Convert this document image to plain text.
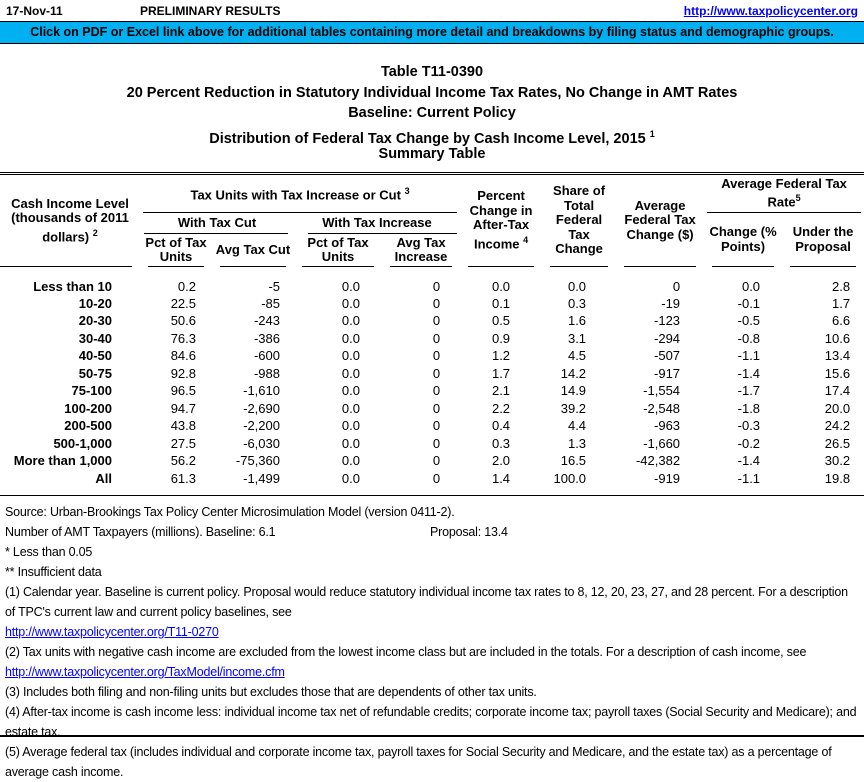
17-Nov-11	PRELIMINARY RESULTS	http://www.taxpolicycenter.org
Click on PDF or Excel link above for additional tables containing more detail and breakdowns by filing status and demographic groups.
Table T11-0390
20 Percent Reduction in Statutory Individual Income Tax Rates, No Change in AMT Rates
Baseline: Current Policy
Distribution of Federal Tax Change by Cash Income Level, 2015 $^1$
Summary Table
Cash Income Level (thousands of 2011 dollars) $^2$	Tax Units with Tax Increase or Cut $^3$				Percent Change in After-Tax Income $^4$	Share of Total Federal Tax Change	Average Federal Tax Change ($)	Average Federal Tax Rate$^5$
	With Tax Cut		With Tax Increase					Change (% Points)	Under the Proposal
	Pct of Tax Units	Avg Tax Cut	Pct of Tax Units	Avg Tax Increase					
Less than 10	0.2	-5	0.0	0	0.0	0.0	0	0.0	2.8
10-20	22.5	-85	0.0	0	0.1	0.3	-19	-0.1	1.7
20-30	50.6	-243	0.0	0	0.5	1.6	-123	-0.5	6.6
30-40	76.3	-386	0.0	0	0.9	3.1	-294	-0.8	10.6
40-50	84.6	-600	0.0	0	1.2	4.5	-507	-1.1	13.4
50-75	92.8	-988	0.0	0	1.7	14.2	-917	-1.4	15.6
75-100	96.5	-1,610	0.0	0	2.1	14.9	-1,554	-1.7	17.4
100-200	94.7	-2,690	0.0	0	2.2	39.2	-2,548	-1.8	20.0
200-500	43.8	-2,200	0.0	0	0.4	4.4	-963	-0.3	24.2
500-1,000	27.5	-6,030	0.0	0	0.3	1.3	-1,660	-0.2	26.5
More than 1,000	56.2	-75,360	0.0	0	2.0	16.5	-42,382	-1.4	30.2
All	61.3	-1,499	0.0	0	1.4	100.0	-919	-1.1	19.8
Source: Urban-Brookings Tax Policy Center Microsimulation Model (version 0411-2).
Number of AMT Taxpayers (millions). Baseline: 6.1	Proposal: 13.4
* Less than 0.05
** Insufficient data
(1) Calendar year. Baseline is current policy. Proposal would reduce statutory individual income tax rates to 8, 12, 20, 23, 27, and 28 percent. For a description of TPC's current law and current policy baselines, see
http://www.taxpolicycenter.org/T11-0270
(2) Tax units with negative cash income are excluded from the lowest income class but are included in the totals. For a description of cash income, see
http://www.taxpolicycenter.org/TaxModel/income.cfm
(3) Includes both filing and non-filing units but excludes those that are dependents of other tax units.
(4) After-tax income is cash income less: individual income tax net of refundable credits; corporate income tax; payroll taxes (Social Security and Medicare); and estate tax.
(5) Average federal tax (includes individual and corporate income tax, payroll taxes for Social Security and Medicare, and the estate tax) as a percentage of average cash income.
